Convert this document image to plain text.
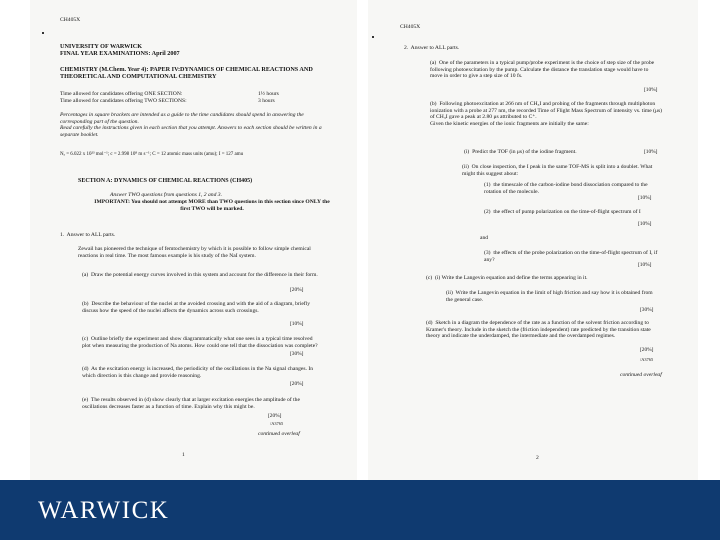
CH405X
UNIVERSITY OF WARWICK
FINAL YEAR EXAMINATIONS: April 2007
CHEMISTRY (M.Chem. Year 4): PAPER IV:DYNAMICS OF CHEMICAL REACTIONS AND THEORETICAL AND COMPUTATIONAL CHEMISTRY
Time allowed for candidates offering ONE SECTION:	1½ hours
Time allowed for candidates offering TWO SECTIONS:	3 hours
Percentages in square brackets are intended as a guide to the time candidates should spend in answering the corresponding part of the question.
Read carefully the instructions given in each section that you attempt. Answers to each section should be written in a separate booklet.
Nₐ = 6.022 x 10²³ mol⁻¹; c = 2.998 10⁸ m s⁻¹; C = 12 atomic mass units (amu); I = 127 amu
SECTION A: DYNAMICS OF CHEMICAL REACTIONS (CH405)
Answer TWO questions from questions 1, 2 and 3.
IMPORTANT: You should not attempt MORE than TWO questions in this section since ONLY the first TWO will be marked.
1.  Answer to ALL parts.
Zewail has pioneered the technique of femtochemistry by which it is possible to follow simple chemical reactions in real time. The most famous example is his study of the NaI system.
(a)  Draw the potential energy curves involved in this system and account for the difference in their form.
[20%]
(b)  Describe the behaviour of the nuclei at the avoided crossing and with the aid of a diagram, briefly discuss how the speed of the nuclei affects the dynamics across such crossings.
[10%]
(c)  Outline briefly the experiment and show diagrammatically what one sees in a typical time resolved plot when measuring the production of Na atoms. How could one tell that the dissociation was complete?
[30%]
(d)  As the excitation energy is increased, the periodicity of the oscillations in the Na signal changes. In which direction is this change and provide reasoning.
[20%]
(e)  The results observed in (d) show clearly that at larger excitation energies the amplitude of the oscillations decreases faster as a function of time. Explain why this might be.
[20%]
/A3765
continued overleaf
1
CH405X
2.  Answer to ALL parts.
(a)  One of the parameters in a typical pump/probe experiment is the choice of step size of the probe following photoexcitation by the pump. Calculate the distance the translation stage would have to move in order to give a step size of 10 fs.
[10%]
(b)  Following photoexcitation at 266 nm of CH₃I and probing of the fragments through multiphoton ionization with a probe at 277 nm, the recorded Time of Flight Mass Spectrum of intensity vs. time (μs) of CH₃I gave a peak at 2.80 μs attributed to C⁺.
Given the kinetic energies of the ionic fragments are initially the same:
(i)  Predict the TOF (in μs) of the iodine fragment.	[10%]
(ii)  On close inspection, the I peak in the same TOF-MS is split into a doublet. What might this suggest about:
(1)  the timescale of the carbon-iodine bond dissociation compared to the rotation of the molecule.
[10%]
(2)  the effect of pump polarization on the time-of-flight spectrum of I
[10%]
and
(3)  the effects of the probe polarization on the time-of-flight spectrum of I, if any?
[10%]
(c)  (i) Write the Langevin equation and define the terms appearing in it.
(ii)  Write the Langevin equation in the limit of high friction and say how it is obtained from the general case.
[30%]
(d)  Sketch in a diagram the dependence of the rate as a function of the solvent friction according to Kramer's theory. Include in the sketch the (friction independent) rate predicted by the transition state theory and indicate the underdamped, the intermediate and the overdamped regimes.
[20%]
/A3765
continued overleaf
2
WARWICK
